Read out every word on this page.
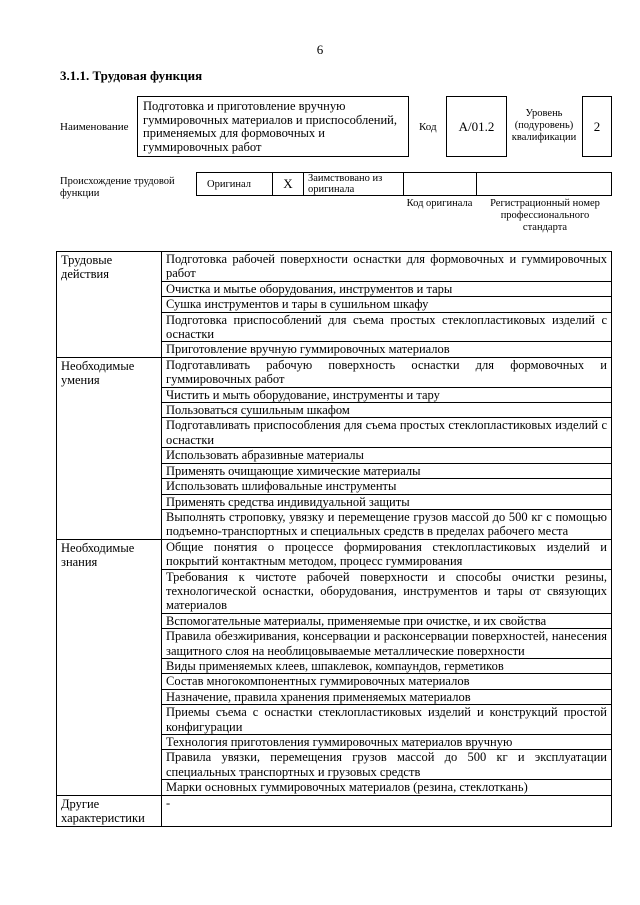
6
3.1.1. Трудовая функция
Наименование
Подготовка и приготовление вручную гуммировочных материалов и приспособлений, применяемых для формовочных и гуммировочных работ
Код	А/01.2
Уровень (подуровень) квалификации
2
Происхождение трудовой функции
Оригинал	Х	Заимствовано из оригинала
Код оригинала	Регистрационный номер профессионального стандарта
Трудовые действия	Подготовка рабочей поверхности оснастки для формовочных и гуммировочных работ
	Очистка и мытье оборудования, инструментов и тары
	Сушка инструментов и тары в сушильном шкафу
	Подготовка приспособлений для съема простых стеклопластиковых изделий с оснастки
	Приготовление вручную гуммировочных материалов
Необходимые умения	Подготавливать рабочую поверхность оснастки для формовочных и гуммировочных работ
	Чистить и мыть оборудование, инструменты и тару
	Пользоваться сушильным шкафом
	Подготавливать приспособления для съема простых стеклопластиковых изделий с оснастки
	Использовать абразивные материалы
	Применять очищающие химические материалы
	Использовать шлифовальные инструменты
	Применять средства индивидуальной защиты
	Выполнять строповку, увязку и перемещение грузов массой до 500 кг с помощью подъемно-транспортных и специальных средств в пределах рабочего места
Необходимые знания	Общие понятия о процессе формирования стеклопластиковых изделий и покрытий контактным методом, процесс гуммирования
	Требования к чистоте рабочей поверхности и способы очистки резины, технологической оснастки, оборудования, инструментов и тары от связующих материалов
	Вспомогательные материалы, применяемые при очистке, и их свойства
	Правила обезжиривания, консервации и расконсервации поверхностей, нанесения защитного слоя на необлицовываемые металлические поверхности
	Виды применяемых клеев, шпаклевок, компаундов, герметиков
	Состав многокомпонентных гуммировочных материалов
	Назначение, правила хранения применяемых материалов
	Приемы съема с оснастки стеклопластиковых изделий и конструкций простой конфигурации
	Технология приготовления гуммировочных материалов вручную
	Правила увязки, перемещения грузов массой до 500 кг и эксплуатации специальных транспортных и грузовых средств
	Марки основных гуммировочных материалов (резина, стеклоткань)
Другие характеристики	-
